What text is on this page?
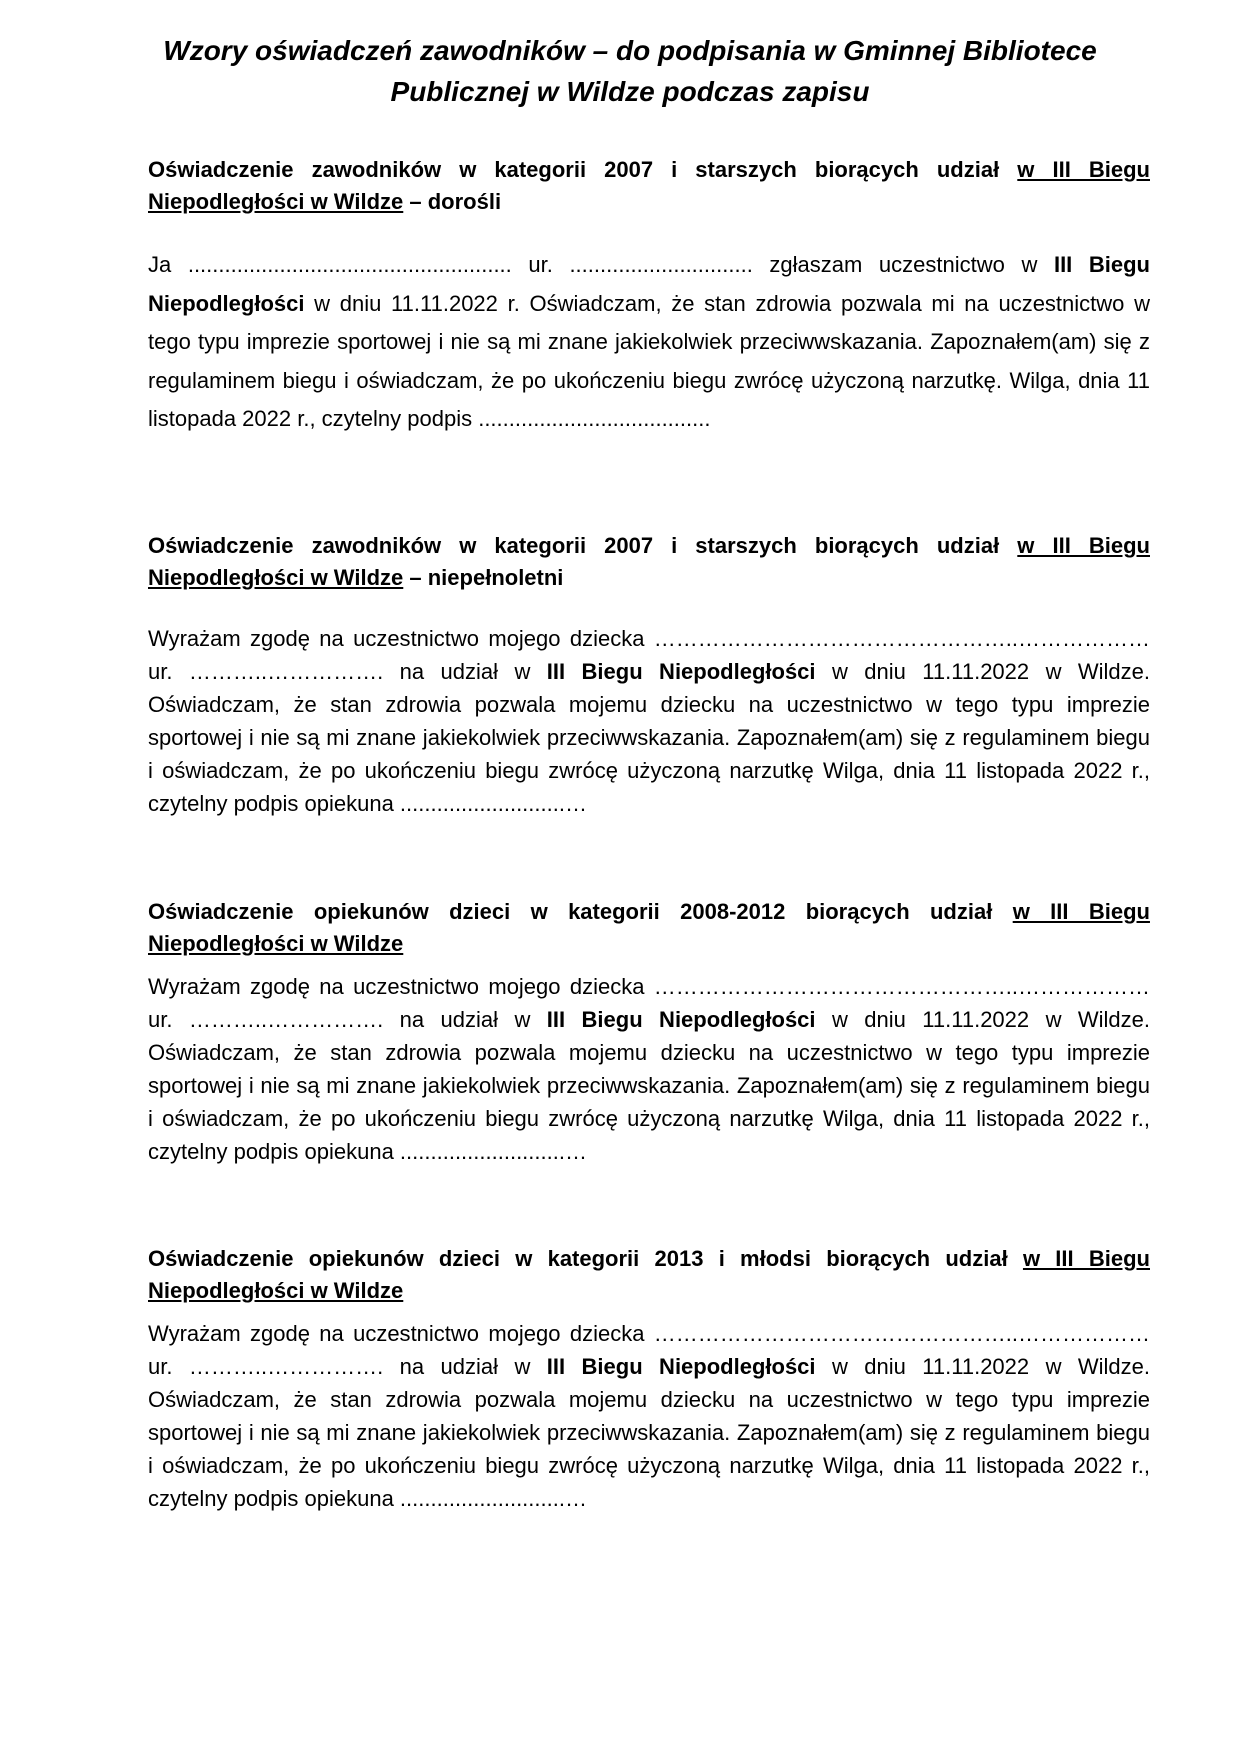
Wzory oświadczeń zawodników – do podpisania w Gminnej Bibliotece
Publicznej w Wildze podczas zapisu

Oświadczenie zawodników w kategorii 2007 i starszych biorących udział w III Biegu Niepodległości w Wildze – dorośli

Ja ..................................................... ur. .............................. zgłaszam uczestnictwo w III Biegu Niepodległości w dniu 11.11.2022 r. Oświadczam, że stan zdrowia pozwala mi na uczestnictwo w tego typu imprezie sportowej i nie są mi znane jakiekolwiek przeciwwskazania. Zapoznałem(am) się z regulaminem biegu i oświadczam, że po ukończeniu biegu zwrócę użyczoną narzutkę. Wilga, dnia 11 listopada 2022 r., czytelny podpis ......................................

Oświadczenie zawodników w kategorii 2007 i starszych biorących udział w III Biegu Niepodległości w Wildze – niepełnoletni

Wyrażam zgodę na uczestnictwo mojego dziecka …………………………………………..……………… ur. ………..……………. na udział w III Biegu Niepodległości w dniu 11.11.2022 w Wildze. Oświadczam, że stan zdrowia pozwala mojemu dziecku na uczestnictwo w tego typu imprezie sportowej i nie są mi znane jakiekolwiek przeciwwskazania. Zapoznałem(am) się z regulaminem biegu i oświadczam, że po ukończeniu biegu zwrócę użyczoną narzutkę Wilga, dnia 11 listopada 2022 r., czytelny podpis opiekuna ...........................…

Oświadczenie opiekunów dzieci w kategorii 2008-2012 biorących udział w III Biegu Niepodległości w Wildze

Wyrażam zgodę na uczestnictwo mojego dziecka …………………………………………..……………… ur. ………..……………. na udział w III Biegu Niepodległości w dniu 11.11.2022 w Wildze. Oświadczam, że stan zdrowia pozwala mojemu dziecku na uczestnictwo w tego typu imprezie sportowej i nie są mi znane jakiekolwiek przeciwwskazania. Zapoznałem(am) się z regulaminem biegu i oświadczam, że po ukończeniu biegu zwrócę użyczoną narzutkę Wilga, dnia 11 listopada 2022 r., czytelny podpis opiekuna ...........................…

Oświadczenie opiekunów dzieci w kategorii 2013 i młodsi biorących udział w III Biegu Niepodległości w Wildze

Wyrażam zgodę na uczestnictwo mojego dziecka …………………………………………..……………… ur. ………..……………. na udział w III Biegu Niepodległości w dniu 11.11.2022 w Wildze. Oświadczam, że stan zdrowia pozwala mojemu dziecku na uczestnictwo w tego typu imprezie sportowej i nie są mi znane jakiekolwiek przeciwwskazania. Zapoznałem(am) się z regulaminem biegu i oświadczam, że po ukończeniu biegu zwrócę użyczoną narzutkę Wilga, dnia 11 listopada 2022 r., czytelny podpis opiekuna ...........................…
